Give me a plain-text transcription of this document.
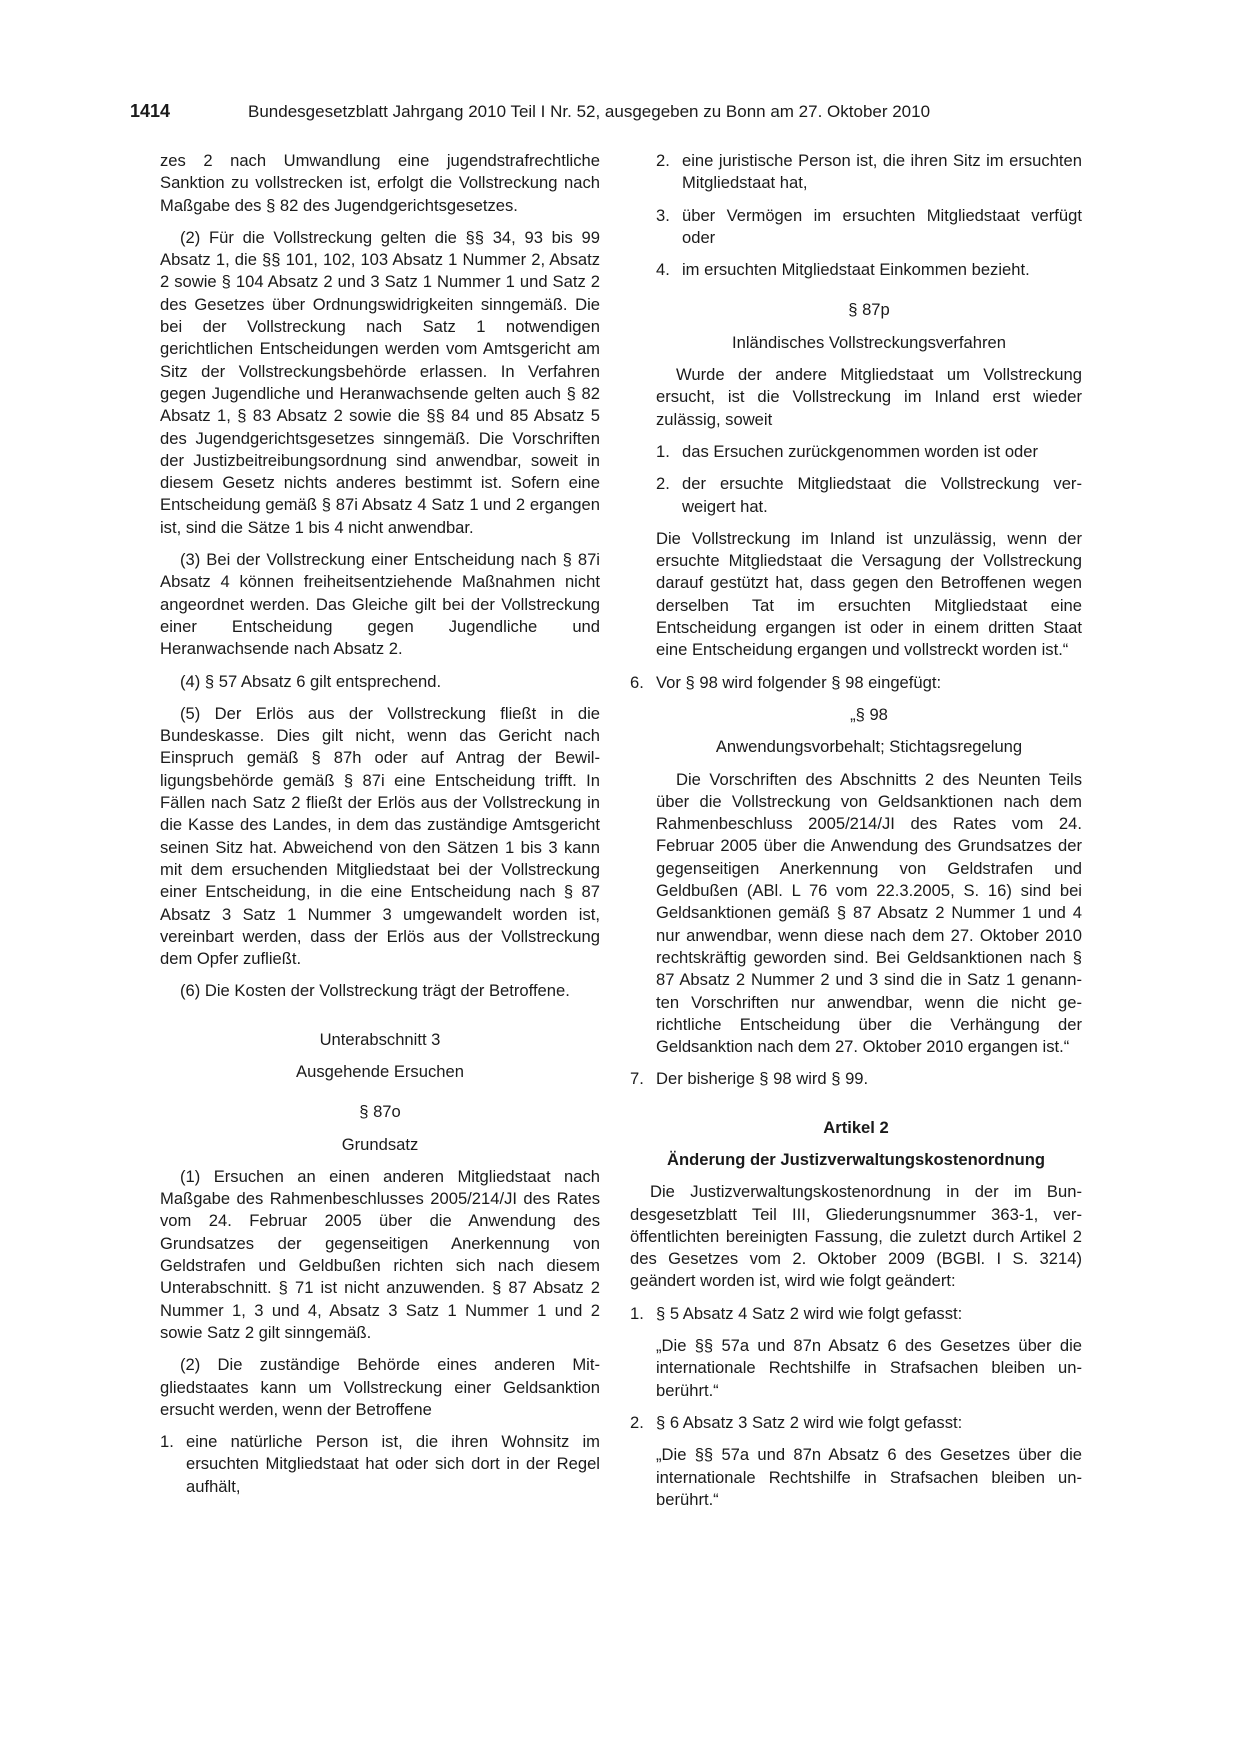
1414	Bundesgesetzblatt Jahrgang 2010 Teil I Nr. 52, ausgegeben zu Bonn am 27. Oktober 2010

zes 2 nach Umwandlung eine jugendstrafrechtliche Sanktion zu vollstrecken ist, erfolgt die Vollstreckung nach Maßgabe des § 82 des Jugendgerichtsgesetzes.

(2) Für die Vollstreckung gelten die §§ 34, 93 bis 99 Absatz 1, die §§ 101, 102, 103 Absatz 1 Nummer 2, Absatz 2 sowie § 104 Absatz 2 und 3 Satz 1 Nummer 1 und Satz 2 des Gesetzes über Ordnungswidrigkeiten sinngemäß. Die bei der Vollstreckung nach Satz 1 notwendigen gerichtlichen Entscheidungen werden vom Amtsgericht am Sitz der Vollstreckungsbehörde erlassen. In Verfahren gegen Jugendliche und Heranwachsende gelten auch § 82 Absatz 1, § 83 Absatz 2 sowie die §§ 84 und 85 Absatz 5 des Jugendgerichtsgesetzes sinngemäß. Die Vorschriften der Justizbeitreibungsordnung sind anwendbar, soweit in diesem Gesetz nichts anderes bestimmt ist. Sofern eine Entscheidung gemäß § 87i Absatz 4 Satz 1 und 2 ergangen ist, sind die Sätze 1 bis 4 nicht anwendbar.

(3) Bei der Vollstreckung einer Entscheidung nach § 87i Absatz 4 können freiheitsentziehende Maßnahmen nicht angeordnet werden. Das Gleiche gilt bei der Vollstreckung einer Entscheidung gegen Jugendliche und Heranwachsende nach Absatz 2.

(4) § 57 Absatz 6 gilt entsprechend.

(5) Der Erlös aus der Vollstreckung fließt in die Bundeskasse. Dies gilt nicht, wenn das Gericht nach Einspruch gemäß § 87h oder auf Antrag der Bewilligungsbehörde gemäß § 87i eine Entscheidung trifft. In Fällen nach Satz 2 fließt der Erlös aus der Vollstreckung in die Kasse des Landes, in dem das zuständige Amtsgericht seinen Sitz hat. Abweichend von den Sätzen 1 bis 3 kann mit dem ersuchenden Mitgliedstaat bei der Vollstreckung einer Entscheidung, in die eine Entscheidung nach § 87 Absatz 3 Satz 1 Nummer 3 umgewandelt worden ist, vereinbart werden, dass der Erlös aus der Vollstreckung dem Opfer zufließt.

(6) Die Kosten der Vollstreckung trägt der Betroffene.

Unterabschnitt 3
Ausgehende Ersuchen
§ 87o
Grundsatz

(1) Ersuchen an einen anderen Mitgliedstaat nach Maßgabe des Rahmenbeschlusses 2005/214/JI des Rates vom 24. Februar 2005 über die Anwendung des Grundsatzes der gegenseitigen Anerkennung von Geldstrafen und Geldbußen richten sich nach diesem Unterabschnitt. § 71 ist nicht anzuwenden. § 87 Absatz 2 Nummer 1, 3 und 4, Absatz 3 Satz 1 Nummer 1 und 2 sowie Satz 2 gilt sinngemäß.

(2) Die zuständige Behörde eines anderen Mitgliedstaates kann um Vollstreckung einer Geldsanktion ersucht werden, wenn der Betroffene

1. eine natürliche Person ist, die ihren Wohnsitz im ersuchten Mitgliedstaat hat oder sich dort in der Regel aufhält,
2. eine juristische Person ist, die ihren Sitz im ersuchten Mitgliedstaat hat,
3. über Vermögen im ersuchten Mitgliedstaat verfügt oder
4. im ersuchten Mitgliedstaat Einkommen bezieht.
§ 87p
Inländisches Vollstreckungsverfahren

Wurde der andere Mitgliedstaat um Vollstreckung ersucht, ist die Vollstreckung im Inland erst wieder zulässig, soweit

1. das Ersuchen zurückgenommen worden ist oder
2. der ersuchte Mitgliedstaat die Vollstreckung verweigert hat.

Die Vollstreckung im Inland ist unzulässig, wenn der ersuchte Mitgliedstaat die Versagung der Vollstreckung darauf gestützt hat, dass gegen den Betroffenen wegen derselben Tat im ersuchten Mitgliedstaat eine Entscheidung ergangen ist oder in einem dritten Staat eine Entscheidung ergangen und vollstreckt worden ist.“

6. Vor § 98 wird folgender § 98 eingefügt:
„§ 98
Anwendungsvorbehalt; Stichtagsregelung

Die Vorschriften des Abschnitts 2 des Neunten Teils über die Vollstreckung von Geldsanktionen nach dem Rahmenbeschluss 2005/214/JI des Rates vom 24. Februar 2005 über die Anwendung des Grundsatzes der gegenseitigen Anerkennung von Geldstrafen und Geldbußen (ABl. L 76 vom 22.3.2005, S. 16) sind bei Geldsanktionen gemäß § 87 Absatz 2 Nummer 1 und 4 nur anwendbar, wenn diese nach dem 27. Oktober 2010 rechtskräftig geworden sind. Bei Geldsanktionen nach § 87 Absatz 2 Nummer 2 und 3 sind die in Satz 1 genannten Vorschriften nur anwendbar, wenn die nicht gerichtliche Entscheidung über die Verhängung der Geldsanktion nach dem 27. Oktober 2010 ergangen ist.“

7. Der bisherige § 98 wird § 99.
Artikel 2
Änderung der Justizverwaltungskostenordnung

Die Justizverwaltungskostenordnung in der im Bundesgesetzblatt Teil III, Gliederungsnummer 363-1, veröffentlichten bereinigten Fassung, die zuletzt durch Artikel 2 des Gesetzes vom 2. Oktober 2009 (BGBl. I S. 3214) geändert worden ist, wird wie folgt geändert:

1. § 5 Absatz 4 Satz 2 wird wie folgt gefasst:

„Die §§ 57a und 87n Absatz 6 des Gesetzes über die internationale Rechtshilfe in Strafsachen bleiben unberührt.“

2. § 6 Absatz 3 Satz 2 wird wie folgt gefasst:

„Die §§ 57a und 87n Absatz 6 des Gesetzes über die internationale Rechtshilfe in Strafsachen bleiben unberührt.“
